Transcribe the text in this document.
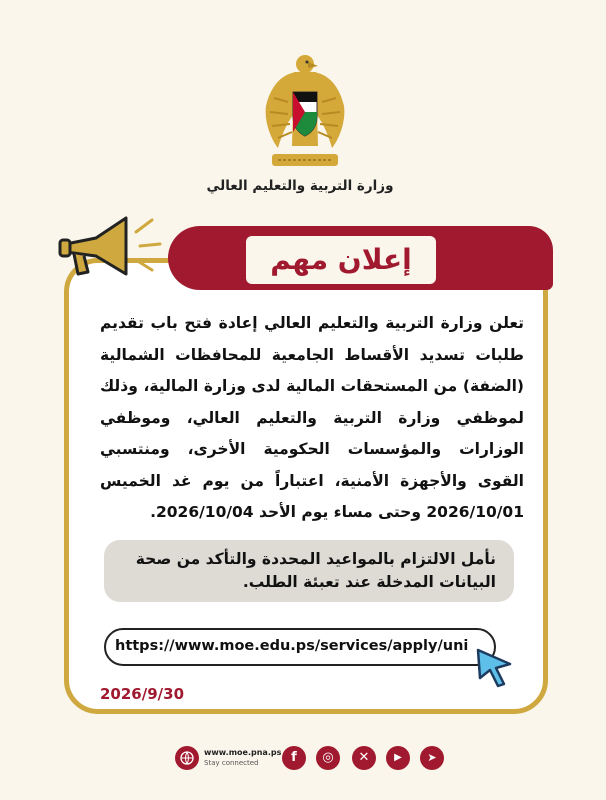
وزارة التربية والتعليم العالي
إعلان مهم
تعلن وزارة التربية والتعليم العالي إعادة فتح باب تقديم طلبات تسديد الأقساط الجامعية للمحافظات الشمالية (الضفة) من المستحقات المالية لدى وزارة المالية، وذلك لموظفي وزارة التربية والتعليم العالي، وموظفي الوزارات والمؤسسات الحكومية الأخرى، ومنتسبي القوى والأجهزة الأمنية، اعتباراً من يوم غد الخميس 2026/10/01 وحتى مساء يوم الأحد 2026/10/04.
نأمل الالتزام بالمواعيد المحددة والتأكد من صحة البيانات المدخلة عند تعبئة الطلب.
https://www.moe.edu.ps/services/apply/uni
2026/9/30
www.moe.pna.ps
Stay connected	f	◎	✕	▶	➤
